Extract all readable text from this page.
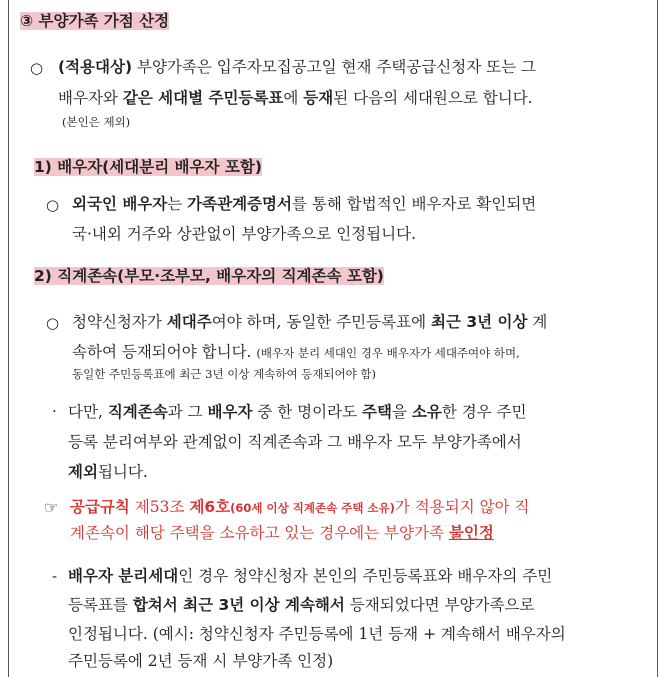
③ 부양가족 가점 산정
○ (적용대상) 부양가족은 입주자모집공고일 현재 주택공급신청자 또는 그
배우자와 같은 세대별 주민등록표에 등재된 다음의 세대원으로 합니다.
(본인은 제외)
1) 배우자(세대분리 배우자 포함)
○ 외국인 배우자는 가족관계증명서를 통해 합법적인 배우자로 확인되면
국·내외 거주와 상관없이 부양가족으로 인정됩니다.
2) 직계존속(부모·조부모, 배우자의 직계존속 포함)
○ 청약신청자가 세대주여야 하며, 동일한 주민등록표에 최근 3년 이상 계
속하여 등재되어야 합니다. (배우자 분리 세대인 경우 배우자가 세대주여야 하며,
동일한 주민등록표에 최근 3년 이상 계속하여 등재되어야 함)
· 다만, 직계존속과 그 배우자 중 한 명이라도 주택을 소유한 경우 주민
등록 분리여부와 관계없이 직계존속과 그 배우자 모두 부양가족에서
제외됩니다.
☞ 공급규칙 제53조 제6호(60세 이상 직계존속 주택 소유)가 적용되지 않아 직
계존속이 해당 주택을 소유하고 있는 경우에는 부양가족 불인정
- 배우자 분리세대인 경우 청약신청자 본인의 주민등록표와 배우자의 주민
등록표를 합쳐서 최근 3년 이상 계속해서 등재되었다면 부양가족으로
인정됩니다. (예시: 청약신청자 주민등록에 1년 등재 + 계속해서 배우자의
주민등록에 2년 등재 시 부양가족 인정)
